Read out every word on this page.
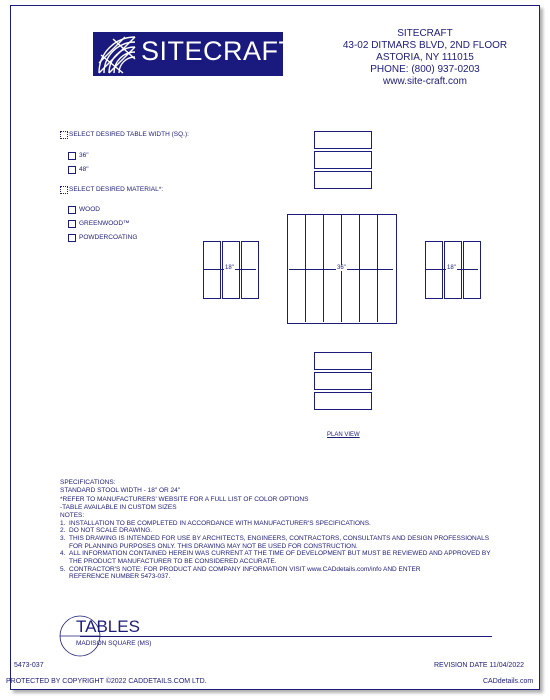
SITECRAFT
SITECRAFT
43-02 DITMARS BLVD, 2ND FLOOR
ASTORIA, NY 111015
PHONE: (800) 937-0203
www.site-craft.com
SELECT DESIRED TABLE WIDTH (SQ.):
36"
48"
SELECT DESIRED MATERIAL*:
WOOD
GREENWOOD™
POWDERCOATING
18"	18"
36"
PLAN VIEW
SPECIFICATIONS:
STANDARD STOOL WIDTH - 18" OR 24"
*REFER TO MANUFACTURERS' WEBSITE FOR A FULL LIST OF COLOR OPTIONS
-TABLE AVAILABLE IN CUSTOM SIZES
NOTES:
1. INSTALLATION TO BE COMPLETED IN ACCORDANCE WITH MANUFACTURER'S SPECIFICATIONS.
2. DO NOT SCALE DRAWING.
3. THIS DRAWING IS INTENDED FOR USE BY ARCHITECTS, ENGINEERS, CONTRACTORS, CONSULTANTS AND DESIGN PROFESSIONALS
FOR PLANNING PURPOSES ONLY. THIS DRAWING MAY NOT BE USED FOR CONSTRUCTION.
4. ALL INFORMATION CONTAINED HEREIN WAS CURRENT AT THE TIME OF DEVELOPMENT BUT MUST BE REVIEWED AND APPROVED BY
THE PRODUCT MANUFACTURER TO BE CONSIDERED ACCURATE.
5. CONTRACTOR'S NOTE: FOR PRODUCT AND COMPANY INFORMATION VISIT www.CADdetails.com/info AND ENTER
REFERENCE NUMBER 5473-037.
TABLES
MADISON SQUARE (MS)
5473-037	REVISION DATE 11/04/2022
PROTECTED BY COPYRIGHT ©2022 CADDETAILS.COM LTD.	CADdetails.com
